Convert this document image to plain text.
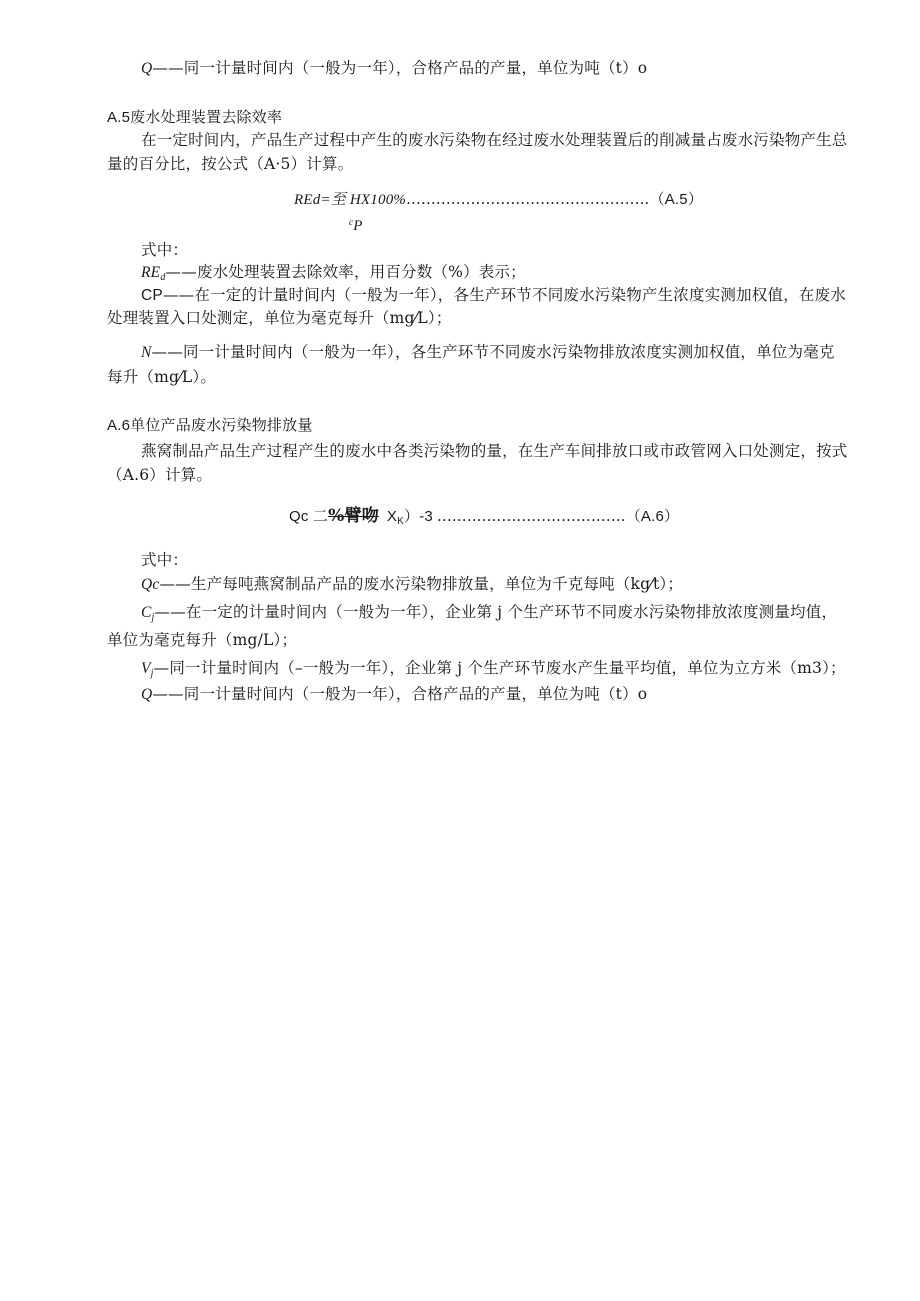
Q——同一计量时间内（一般为一年），合格产品的产量，单位为吨（t）o
A.5废水处理装置去除效率
在一定时间内，产品生产过程中产生的废水污染物在经过废水处理装置后的削减量占废水污染物产生总
量的百分比，按公式（A·5）计算。
REd=至 HX100%.................................................（A.5）
$^c$P
式中：
REd——废水处理装置去除效率，用百分数（%）表示；
CP——在一定的计量时间内（一般为一年），各生产环节不同废水污染物产生浓度实测加权值，在废水
处理装置入口处测定，单位为毫克每升（mg⁄L）；
N——同一计量时间内（一般为一年），各生产环节不同废水污染物排放浓度实测加权值，单位为毫克
每升（mg⁄L）。
A.6单位产品废水污染物排放量
燕窝制品产品生产过程产生的废水中各类污染物的量，在生产车间排放口或市政管网入口处测定，按式
（A.6）计算。
Qc 二%臂吻 $X_K)-3$ ......................................（A.6）
式中：
Qc——生产每吨燕窝制品产品的废水污染物排放量，单位为千克每吨（kg⁄t）；
Cj——在一定的计量时间内（一般为一年），企业第 j 个生产环节不同废水污染物排放浓度测量均值，
单位为毫克每升（mg/L）；
Vj—同一计量时间内（–一般为一年），企业第 j 个生产环节废水产生量平均值，单位为立方米（m3）；
Q——同一计量时间内（一般为一年），合格产品的产量，单位为吨（t）o
